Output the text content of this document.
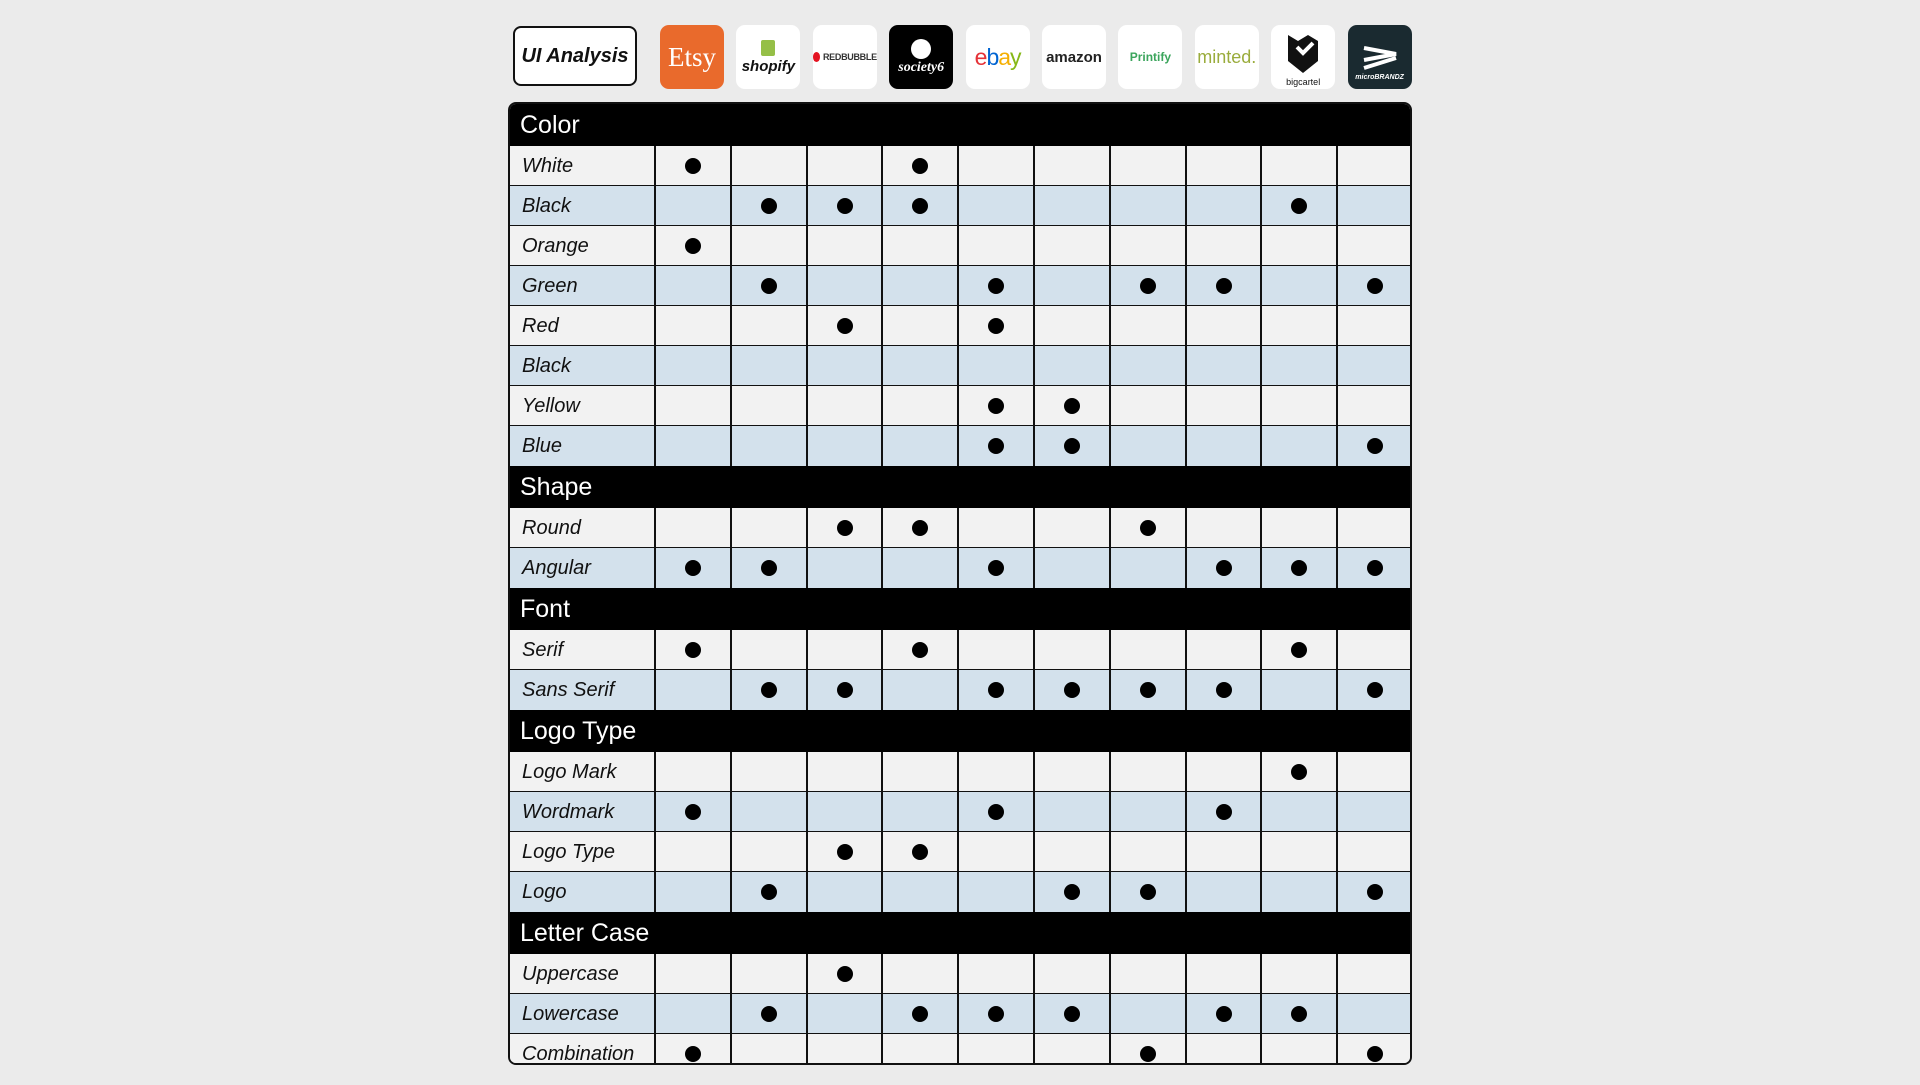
UI Analysis	Etsy shopify
REDBUBBLE
society6 ebay amazon Printify minted.
bigcartel	microBRANDZ
Color
White
Black
Orange
Green
Red
Black
Yellow
Blue
Shape
Round
Angular
Font
Serif
Sans Serif
Logo Type
Logo Mark
Wordmark
Logo Type
Logo
Letter Case
Uppercase
Lowercase
Combination
